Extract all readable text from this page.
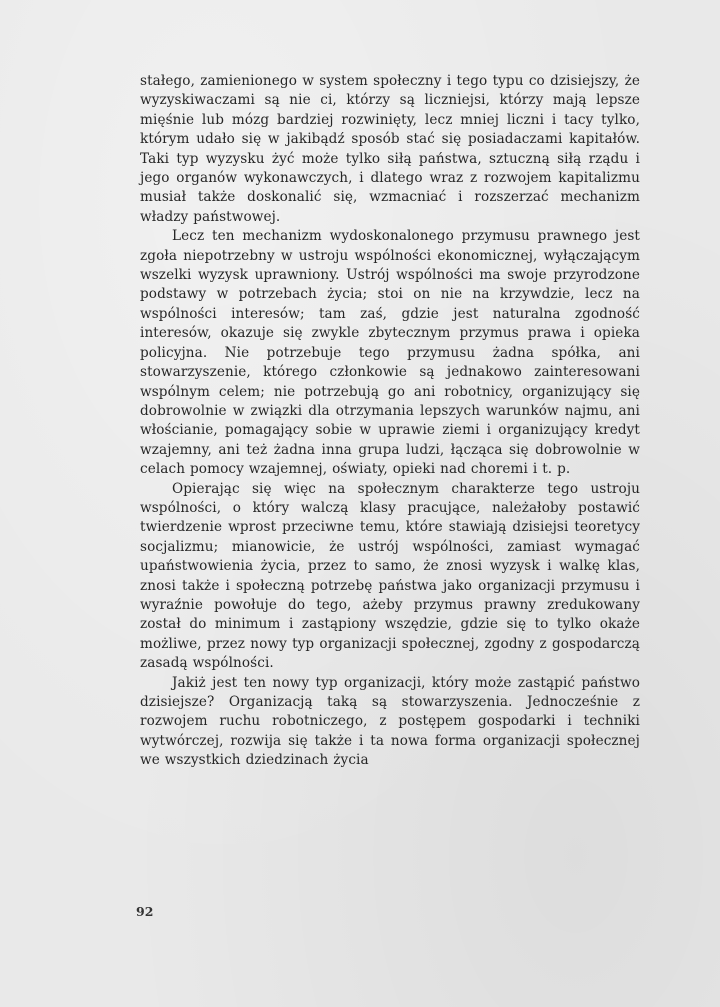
stałego, zamienionego w system społeczny i tego typu co dzisiejszy, że wyzyskiwaczami są nie ci, którzy są liczniejsi, którzy mają lepsze mięśnie lub mózg bardziej rozwinięty, lecz mniej liczni i tacy tylko, którym udało się w jakibądź sposób stać się posiadaczami kapitałów. Taki typ wyzysku żyć może tylko siłą państwa, sztuczną siłą rządu i jego organów wykonawczych, i dlatego wraz z rozwojem kapitalizmu musiał także doskonalić się, wzmacniać i rozszerzać mechanizm władzy państwowej.

Lecz ten mechanizm wydoskonalonego przymusu prawnego jest zgoła niepotrzebny w ustroju wspólności ekonomicznej, wyłączającym wszelki wyzysk uprawniony. Ustrój wspólności ma swoje przyrodzone podstawy w potrzebach życia; stoi on nie na krzywdzie, lecz na wspólności interesów; tam zaś, gdzie jest naturalna zgodność interesów, okazuje się zwykle zbytecznym przymus prawa i opieka policyjna. Nie potrzebuje tego przymusu żadna spółka, ani stowarzyszenie, którego członkowie są jednakowo zainteresowani wspólnym celem; nie potrzebują go ani robotnicy, organizujący się dobrowolnie w związki dla otrzymania lepszych warunków najmu, ani włościanie, pomagający sobie w uprawie ziemi i organizujący kredyt wzajemny, ani też żadna inna grupa ludzi, łącząca się dobrowolnie w celach pomocy wzajemnej, oświaty, opieki nad choremi i t. p.

Opierając się więc na społecznym charakterze tego ustroju wspólności, o który walczą klasy pracujące, należałoby postawić twierdzenie wprost przeciwne temu, które stawiają dzisiejsi teoretycy socjalizmu; mianowicie, że ustrój wspólności, zamiast wymagać upaństwowienia życia, przez to samo, że znosi wyzysk i walkę klas, znosi także i społeczną potrzebę państwa jako organizacji przymusu i wyraźnie powołuje do tego, ażeby przymus prawny zredukowany został do minimum i zastąpiony wszędzie, gdzie się to tylko okaże możliwe, przez nowy typ organizacji społecznej, zgodny z gospodarczą zasadą wspólności.

Jakiż jest ten nowy typ organizacji, który może zastąpić państwo dzisiejsze? Organizacją taką są stowarzyszenia. Jednocześnie z rozwojem ruchu robotniczego, z postępem gospodarki i techniki wytwórczej, rozwija się także i ta nowa forma organizacji społecznej we wszystkich dziedzinach życia

92
